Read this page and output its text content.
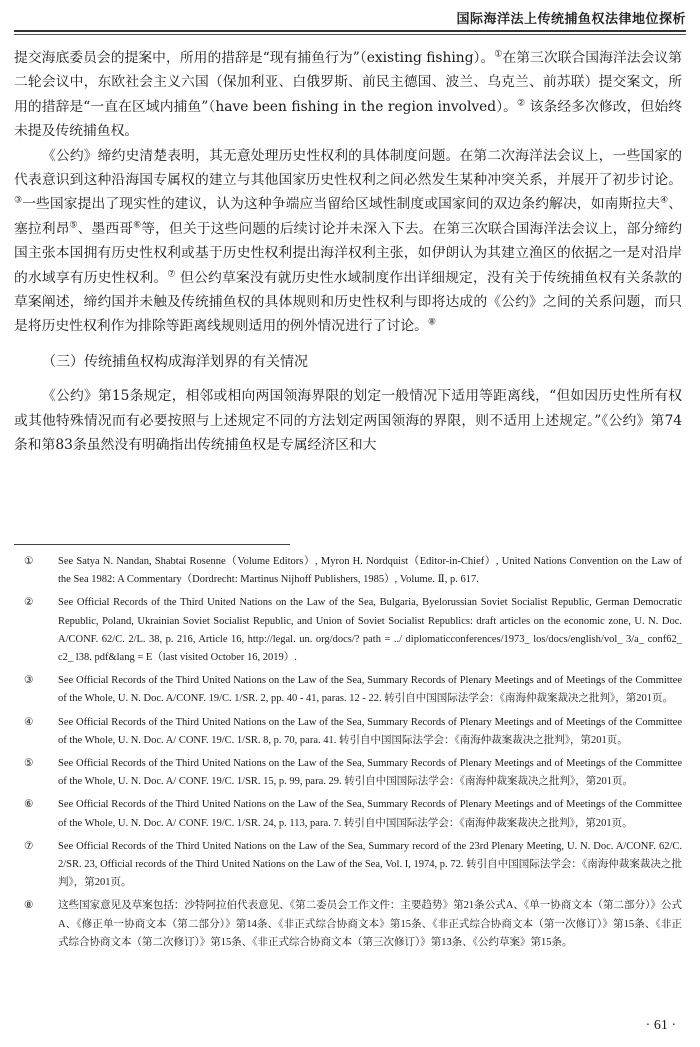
国际海洋法上传统捕鱼权法律地位探析

提交海底委员会的提案中，所用的措辞是“现有捕鱼行为”（existing fishing）。①在第三次联合国海洋法会议第二轮会议中，东欧社会主义六国（保加利亚、白俄罗斯、前民主德国、波兰、乌克兰、前苏联）提交案文，所用的措辞是“一直在区域内捕鱼”（have been fishing in the region involved）。② 该条经多次修改，但始终未提及传统捕鱼权。

《公约》缔约史清楚表明，其无意处理历史性权利的具体制度问题。在第二次海洋法会议上，一些国家的代表意识到这种沿海国专属权的建立与其他国家历史性权利之间必然发生某种冲突关系，并展开了初步讨论。③一些国家提出了现实性的建议，认为这种争端应当留给区域性制度或国家间的双边条约解决，如南斯拉夫④、塞拉利昂⑤、墨西哥⑥等，但关于这些问题的后续讨论并未深入下去。在第三次联合国海洋法会议上，部分缔约国主张本国拥有历史性权利或基于历史性权利提出海洋权利主张，如伊朗认为其建立渔区的依据之一是对沿岸的水域享有历史性权利。⑦ 但公约草案没有就历史性水域制度作出详细规定，没有关于传统捕鱼权有关条款的草案阐述，缔约国并未触及传统捕鱼权的具体规则和历史性权利与即将达成的《公约》之间的关系问题，而只是将历史性权利作为排除等距离线规则适用的例外情况进行了讨论。⑧

（三）传统捕鱼权构成海洋划界的有关情况

《公约》第15条规定，相邻或相向两国领海界限的划定一般情况下适用等距离线，“但如因历史性所有权或其他特殊情况而有必要按照与上述规定不同的方法划定两国领海的界限，则不适用上述规定。”《公约》第74条和第83条虽然没有明确指出传统捕鱼权是专属经济区和大

①	See Satya N. Nandan, Shabtai Rosenne（Volume Editors）, Myron H. Nordquist（Editor-in-Chief）, United Nations Convention on the Law of the Sea 1982: A Commentary（Dordrecht: Martinus Nijhoff Publishers, 1985）, Volume. Ⅱ, p. 617.
②	See Official Records of the Third United Nations on the Law of the Sea, Bulgaria, Byelorussian Soviet Socialist Republic, German Democratic Republic, Poland, Ukrainian Soviet Socialist Republic, and Union of Soviet Socialist Republics: draft articles on the economic zone, U. N. Doc. A/CONF. 62/C. 2/L. 38, p. 216, Article 16, http://legal. un. org/docs/? path = ../ diplomaticconferences/1973_ los/docs/english/vol_ 3/a_ conf62_ c2_ l38. pdf&lang = E（last visited October 16, 2019）.
③	See Official Records of the Third United Nations on the Law of the Sea, Summary Records of Plenary Meetings and of Meetings of the Committee of the Whole, U. N. Doc. A/CONF. 19/C. 1/SR. 2, pp. 40 - 41, paras. 12 - 22. 转引自中国国际法学会：《南海仲裁案裁决之批判》，第201页。
④	See Official Records of the Third United Nations on the Law of the Sea, Summary Records of Plenary Meetings and of Meetings of the Committee of the Whole, U. N. Doc. A/ CONF. 19/C. 1/SR. 8, p. 70, para. 41. 转引自中国国际法学会：《南海仲裁案裁决之批判》，第201页。
⑤	See Official Records of the Third United Nations on the Law of the Sea, Summary Records of Plenary Meetings and of Meetings of the Committee of the Whole, U. N. Doc. A/ CONF. 19/C. 1/SR. 15, p. 99, para. 29. 转引自中国国际法学会：《南海仲裁案裁决之批判》，第201页。
⑥	See Official Records of the Third United Nations on the Law of the Sea, Summary Records of Plenary Meetings and of Meetings of the Committee of the Whole, U. N. Doc. A/ CONF. 19/C. 1/SR. 24, p. 113, para. 7. 转引自中国国际法学会：《南海仲裁案裁决之批判》，第201页。
⑦	See Official Records of the Third United Nations on the Law of the Sea, Summary record of the 23rd Plenary Meeting, U. N. Doc. A/CONF. 62/C. 2/SR. 23, Official records of the Third United Nations on the Law of the Sea, Vol. I, 1974, p. 72. 转引自中国国际法学会：《南海仲裁案裁决之批判》，第201页。
⑧	这些国家意见及草案包括：沙特阿拉伯代表意见、《第二委员会工作文件：主要趋势》第21条公式A、《单一协商文本（第二部分）》公式A、《修正单一协商文本（第二部分）》第14条、《非正式综合协商文本》第15条、《非正式综合协商文本（第一次修订）》第15条、《非正式综合协商文本（第二次修订）》第15条、《非正式综合协商文本（第三次修订）》第13条、《公约草案》第15条。
· 61 ·
